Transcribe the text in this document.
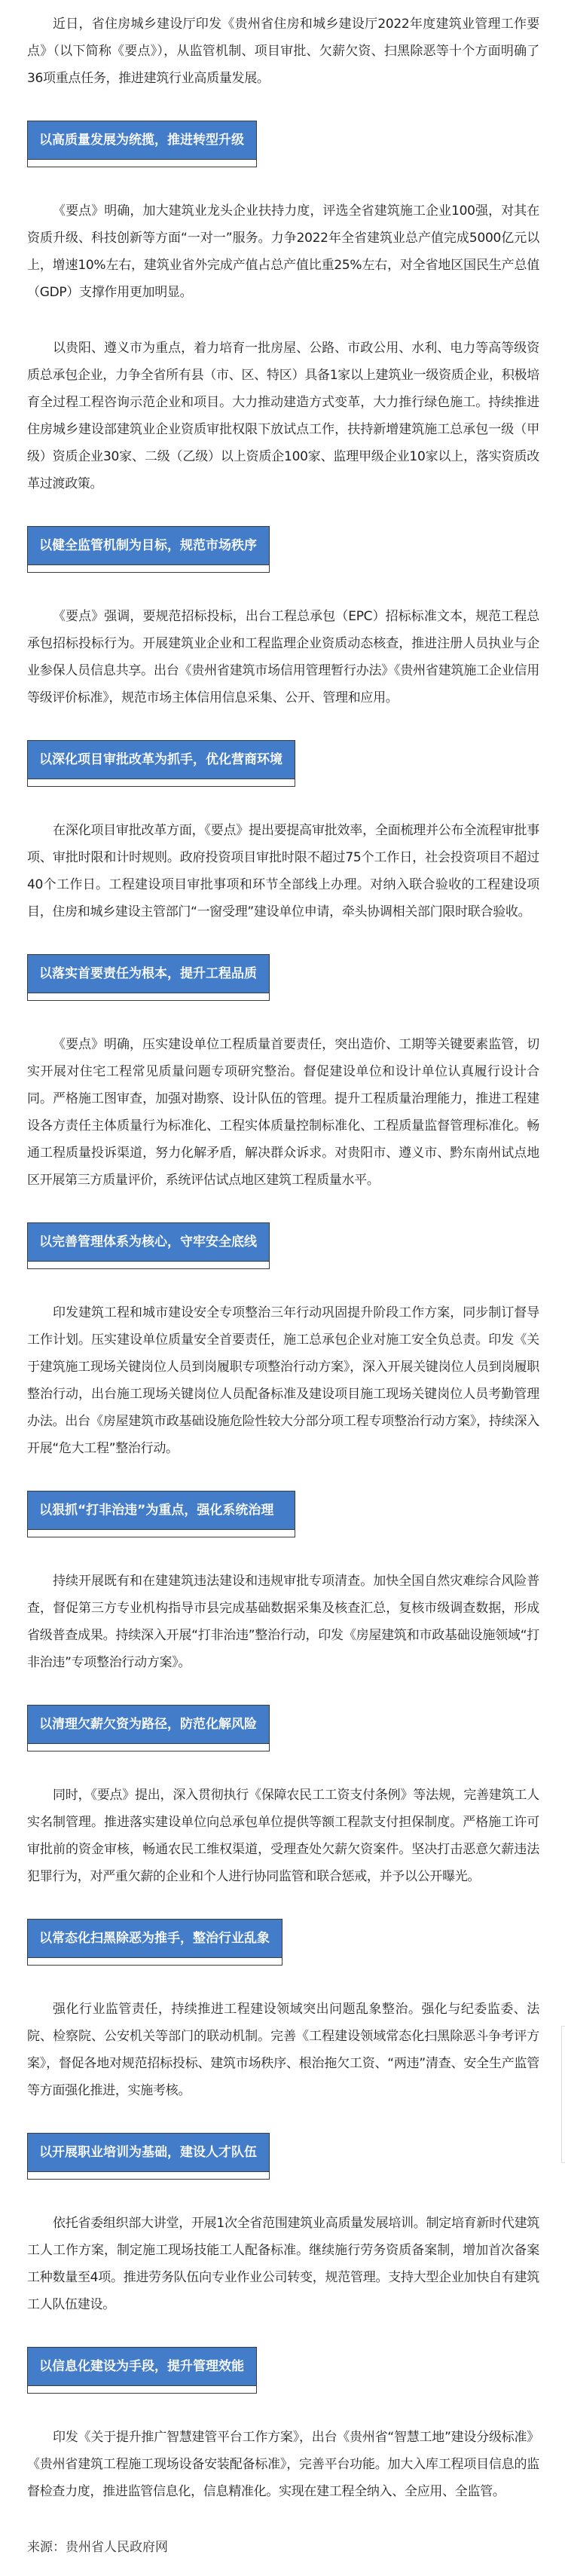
近日，省住房城乡建设厅印发《贵州省住房和城乡建设厅2022年度建筑业管理工作要点》（以下简称《要点》），从监管机制、项目审批、欠薪欠资、扫黑除恶等十个方面明确了36项重点任务，推进建筑行业高质量发展。

以高质量发展为统揽，推进转型升级

《要点》明确，加大建筑业龙头企业扶持力度，评选全省建筑施工企业100强，对其在资质升级、科技创新等方面“一对一”服务。力争2022年全省建筑业总产值完成5000亿元以上，增速10%左右，建筑业省外完成产值占总产值比重25%左右，对全省地区国民生产总值（GDP）支撑作用更加明显。

以贵阳、遵义市为重点，着力培育一批房屋、公路、市政公用、水利、电力等高等级资质总承包企业，力争全省所有县（市、区、特区）具备1家以上建筑业一级资质企业，积极培育全过程工程咨询示范企业和项目。大力推动建造方式变革，大力推行绿色施工。持续推进住房城乡建设部建筑业企业资质审批权限下放试点工作，扶持新增建筑施工总承包一级（甲级）资质企业30家、二级（乙级）以上资质企100家、监理甲级企业10家以上，落实资质改革过渡政策。

以健全监管机制为目标，规范市场秩序

《要点》强调，要规范招标投标，出台工程总承包（EPC）招标标准文本，规范工程总承包招标投标行为。开展建筑业企业和工程监理企业资质动态核查，推进注册人员执业与企业参保人员信息共享。出台《贵州省建筑市场信用管理暂行办法》《贵州省建筑施工企业信用等级评价标准》，规范市场主体信用信息采集、公开、管理和应用。

以深化项目审批改革为抓手，优化营商环境

在深化项目审批改革方面，《要点》提出要提高审批效率，全面梳理并公布全流程审批事项、审批时限和计时规则。政府投资项目审批时限不超过75个工作日，社会投资项目不超过40个工作日。工程建设项目审批事项和环节全部线上办理。对纳入联合验收的工程建设项目，住房和城乡建设主管部门“一窗受理”建设单位申请，牵头协调相关部门限时联合验收。

以落实首要责任为根本，提升工程品质

《要点》明确，压实建设单位工程质量首要责任，突出造价、工期等关键要素监管，切实开展对住宅工程常见质量问题专项研究整治。督促建设单位和设计单位认真履行设计合同。严格施工图审查，加强对勘察、设计队伍的管理。提升工程质量治理能力，推进工程建设各方责任主体质量行为标准化、工程实体质量控制标准化、工程质量监督管理标准化。畅通工程质量投诉渠道，努力化解矛盾，解决群众诉求。对贵阳市、遵义市、黔东南州试点地区开展第三方质量评价，系统评估试点地区建筑工程质量水平。

以完善管理体系为核心，守牢安全底线

印发建筑工程和城市建设安全专项整治三年行动巩固提升阶段工作方案，同步制订督导工作计划。压实建设单位质量安全首要责任，施工总承包企业对施工安全负总责。印发《关于建筑施工现场关键岗位人员到岗履职专项整治行动方案》，深入开展关键岗位人员到岗履职整治行动，出台施工现场关键岗位人员配备标准及建设项目施工现场关键岗位人员考勤管理办法。出台《房屋建筑市政基础设施危险性较大分部分项工程专项整治行动方案》，持续深入开展“危大工程”整治行动。

以狠抓“打非治违”为重点，强化系统治理

持续开展既有和在建建筑违法建设和违规审批专项清查。加快全国自然灾难综合风险普查，督促第三方专业机构指导市县完成基础数据采集及核查汇总，复核市级调查数据，形成省级普查成果。持续深入开展“打非治违”整治行动，印发《房屋建筑和市政基础设施领域“打非治违”专项整治行动方案》。

以清理欠薪欠资为路径，防范化解风险

同时，《要点》提出，深入贯彻执行《保障农民工工资支付条例》等法规，完善建筑工人实名制管理。推进落实建设单位向总承包单位提供等额工程款支付担保制度。严格施工许可审批前的资金审核，畅通农民工维权渠道，受理查处欠薪欠资案件。坚决打击恶意欠薪违法犯罪行为，对严重欠薪的企业和个人进行协同监管和联合惩戒，并予以公开曝光。

以常态化扫黑除恶为推手，整治行业乱象

强化行业监管责任，持续推进工程建设领域突出问题乱象整治。强化与纪委监委、法院、检察院、公安机关等部门的联动机制。完善《工程建设领域常态化扫黑除恶斗争考评方案》，督促各地对规范招标投标、建筑市场秩序、根治拖欠工资、“两违”清查、安全生产监管等方面强化推进，实施考核。

以开展职业培训为基础，建设人才队伍

依托省委组织部大讲堂，开展1次全省范围建筑业高质量发展培训。制定培育新时代建筑工人工作方案，制定施工现场技能工人配备标准。继续施行劳务资质备案制，增加首次备案工种数量至4项。推进劳务队伍向专业作业公司转变，规范管理。支持大型企业加快自有建筑工人队伍建设。

以信息化建设为手段，提升管理效能

印发《关于提升推广智慧建管平台工作方案》，出台《贵州省“智慧工地”建设分级标准》《贵州省建筑工程施工现场设备安装配备标准》，完善平台功能。加大入库工程项目信息的监督检查力度，推进监管信息化，信息精准化。实现在建工程全纳入、全应用、全监管。

来源：贵州省人民政府网
